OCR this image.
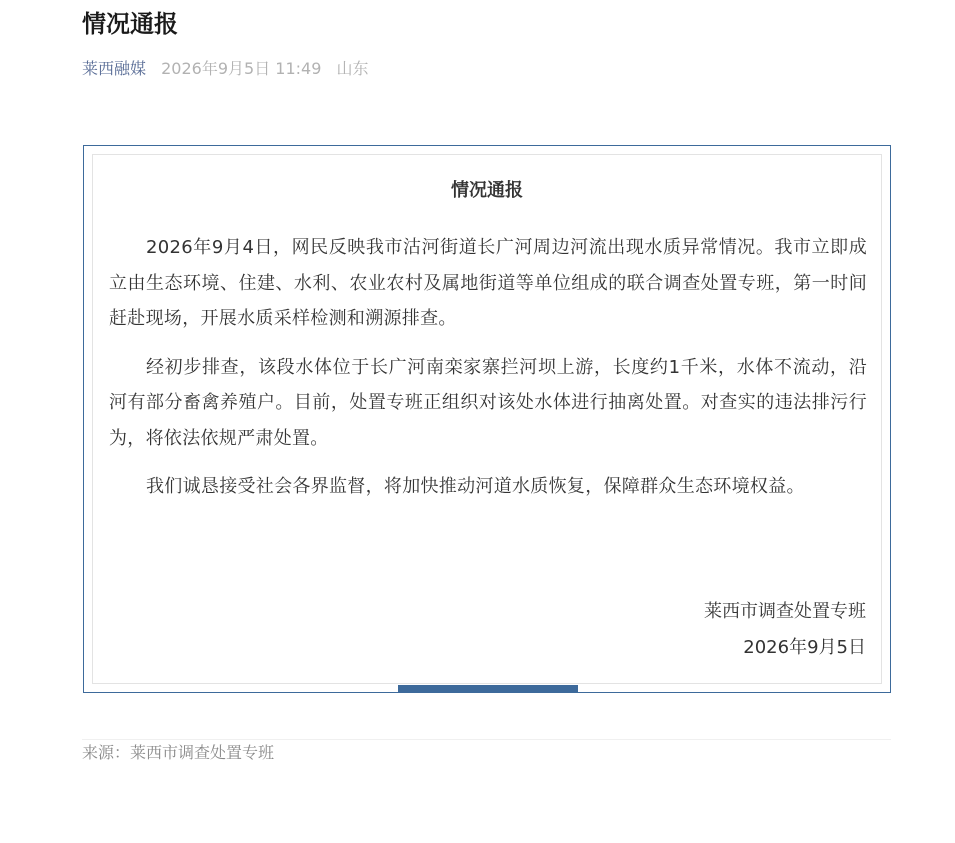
情况通报
莱西融媒 2026年9月5日 11:49 山东
情况通报

2026年9月4日，网民反映我市沽河街道长广河周边河流出现水质异常情况。我市立即成立由生态环境、住建、水利、农业农村及属地街道等单位组成的联合调查处置专班，第一时间赶赴现场，开展水质采样检测和溯源排查。

经初步排查，该段水体位于长广河南栾家寨拦河坝上游，长度约1千米，水体不流动，沿河有部分畜禽养殖户。目前，处置专班正组织对该处水体进行抽离处置。对查实的违法排污行为，将依法依规严肃处置。

我们诚恳接受社会各界监督，将加快推动河道水质恢复，保障群众生态环境权益。

莱西市调查处置专班
2026年9月5日
来源：莱西市调查处置专班
